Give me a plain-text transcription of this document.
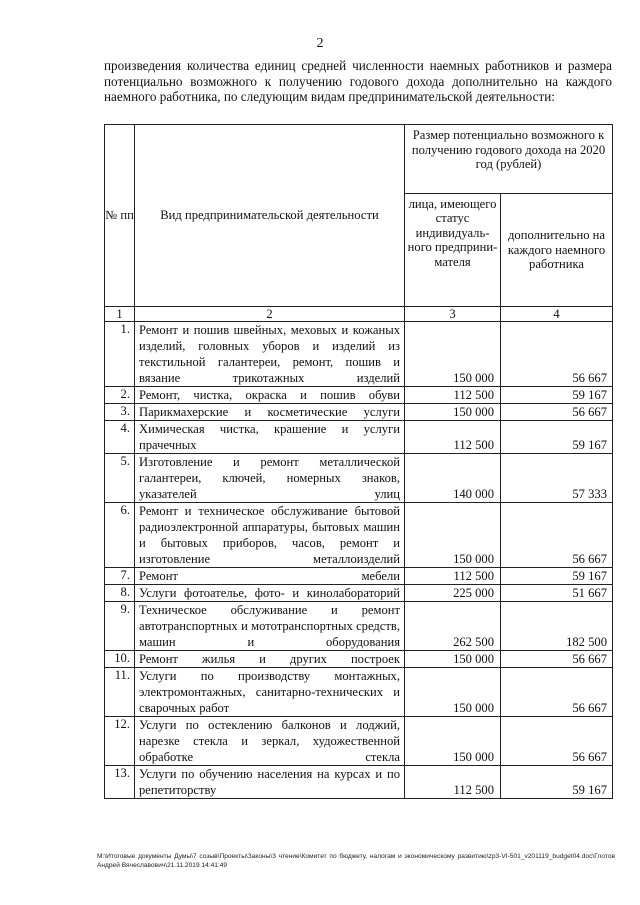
2

произведения количества единиц средней численности наемных работников и размера потенциально возможного к получению годового дохода дополнительно на каждого наемного работника, по следующим видам предпринимательской деятельности:

№ пп	Вид предпринимательской деятельности	Размер потенциально возможного к получению годового дохода на 2020 год (рублей)	

		лица, имеющего статус индивидуаль-ного предприни-мателя	дополнительно на каждого наемного работника
1	2	3	4
1.	Ремонт и пошив швейных, меховых и кожаных изделий, головных уборов и изделий из текстильной галантереи, ремонт, пошив и вязание трикотажных изделий	150 000	56 667
2.	Ремонт, чистка, окраска и пошив обуви	112 500	59 167
3.	Парикмахерские и косметические услуги	150 000	56 667
4.	Химическая чистка, крашение и услуги прачечных	112 500	59 167
5.	Изготовление и ремонт металлической галантереи, ключей, номерных знаков, указателей улиц	140 000	57 333
6.	Ремонт и техническое обслуживание бытовой радиоэлектронной аппаратуры, бытовых машин и бытовых приборов, часов, ремонт и изготовление металлоизделий	150 000	56 667
7.	Ремонт мебели	112 500	59 167
8.	Услуги фотоателье, фото- и кинолабораторий	225 000	51 667
9.	Техническое обслуживание и ремонт автотранспортных и мототранспортных средств, машин и оборудования	262 500	182 500
10.	Ремонт жилья и других построек	150 000	56 667
11.	Услуги по производству монтажных, электромонтажных, санитарно-технических и сварочных работ	150 000	56 667
12.	Услуги по остеклению балконов и лоджий, нарезке стекла и зеркал, художественной обработке стекла	150 000	56 667
13.	Услуги по обучению населения на курсах и по репетиторству	112 500	59 167
M:\Итоговые документы Думы\7 созыв\Проекты\Законы\3 чтение\Комитет по бюджету, налогам и экономическому развитию\zp3-VI-501_v201119_budget04.doc\Глотов Андрей Вячеславович\21.11.2019 14:41:49
